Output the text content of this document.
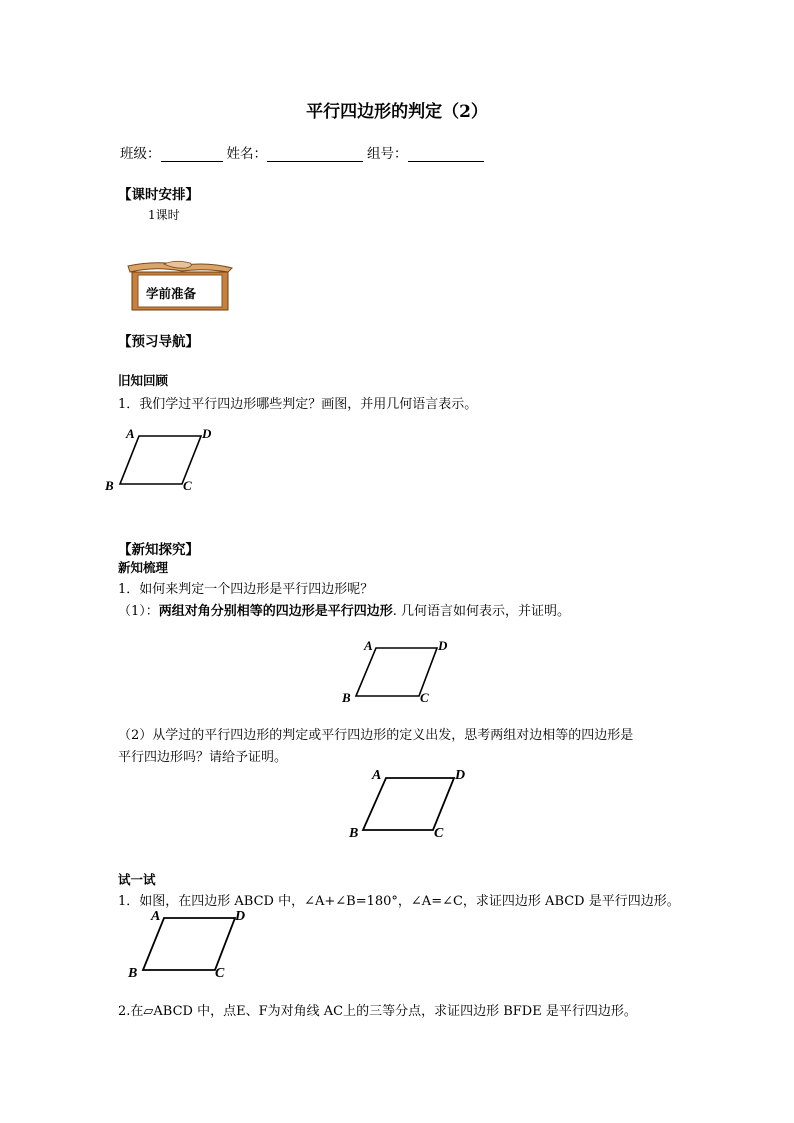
平行四边形的判定（2）
班级：	姓名：	组号：
【课时安排】
1课时
学前准备
【预习导航】
旧知回顾
1．我们学过平行四边形哪些判定？画图，并用几何语言表示。
A	D
B	C
【新知探究】
新知梳理
1．如何来判定一个四边形是平行四边形呢？
（1）：两组对角分别相等的四边形是平行四边形. 几何语言如何表示，并证明。
A	D
B	C
（2）从学过的平行四边形的判定或平行四边形的定义出发，思考两组对边相等的四边形是
平行四边形吗？请给予证明。
A	D
B	C
试一试
1．如图，在四边形 ABCD 中，∠A+∠B=180°，∠A=∠C，求证四边形 ABCD 是平行四边形。
A	D
B	C
2.在▱ABCD 中，点E、F为对角线 AC上的三等分点，求证四边形 BFDE 是平行四边形。
